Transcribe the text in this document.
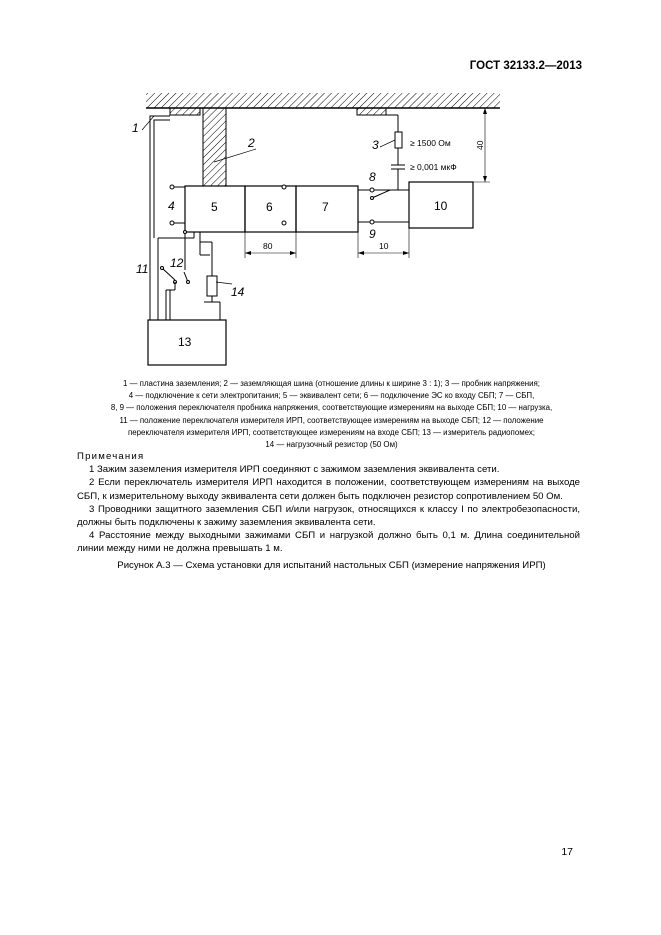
ГОСТ 32133.2—2013
1
2	3
4	5	6	7
8
9
10
11 12
13
14
≥ 1500 Ом
≥ 0,001 мкФ
40
80	10
1 — пластина заземления; 2 — заземляющая шина (отношение длины к ширине 3 : 1); 3 — пробник напряжения;
4 — подключение к сети электропитания; 5 — эквивалент сети; 6 — подключение ЭС ко входу СБП; 7 — СБП,
8, 9 — положения переключателя пробника напряжения, соответствующие измерениям на выходе СБП; 10 — нагрузка,
11 — положение переключателя измерителя ИРП, соответствующее измерениям на выходе СБП; 12 — положение
переключателя измерителя ИРП, соответствующее измерениям на входе СБП; 13 — измеритель радиопомех;
14 — нагрузочный резистор (50 Ом)
Примечания

1 Зажим заземления измерителя ИРП соединяют с зажимом заземления эквивалента сети.

2 Если переключатель измерителя ИРП находится в положении, соответствующем измерениям на выходе СБП, к измерительному выходу эквивалента сети должен быть подключен резистор сопротивлением 50 Ом.

3 Проводники защитного заземления СБП и/или нагрузок, относящихся к классу I по электробезопасности, должны быть подключены к зажиму заземления эквивалента сети.

4 Расстояние между выходными зажимами СБП и нагрузкой должно быть 0,1 м. Длина соединительной линии между ними не должна превышать 1 м.

Рисунок А.3 — Схема установки для испытаний настольных СБП (измерение напряжения ИРП)
17
